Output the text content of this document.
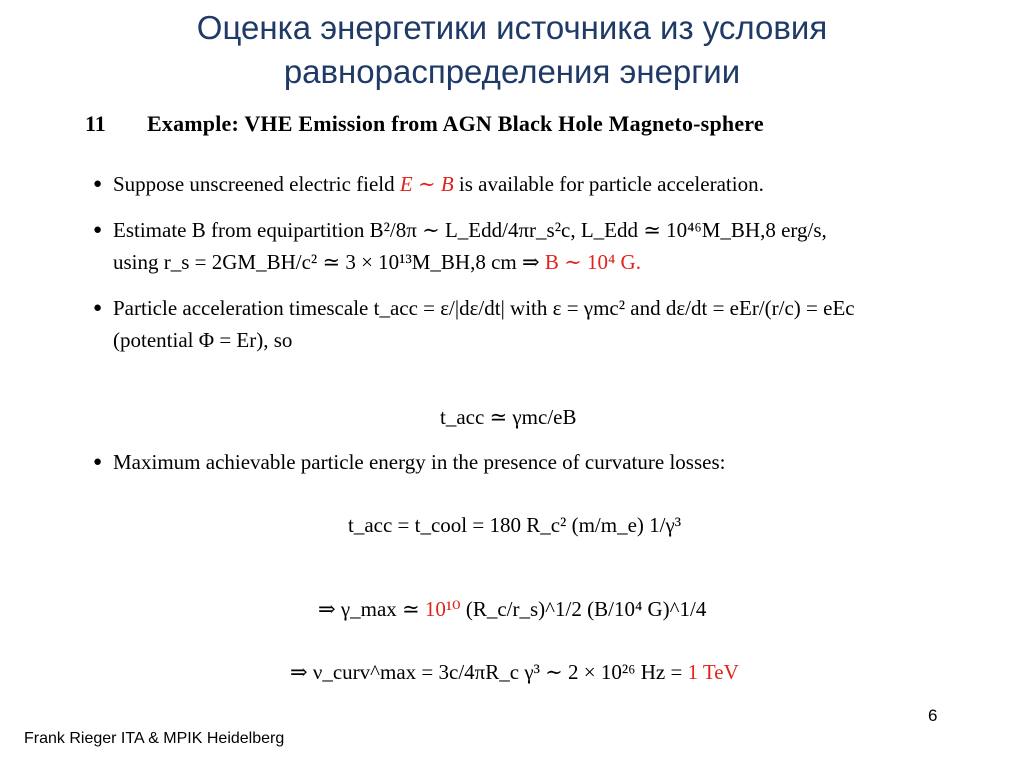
Оценка энергетики источника из условия
равнораспределения энергии
11	Example: VHE Emission from AGN Black Hole Magneto-sphere
● Suppose unscreened electric field E ∼ B is available for particle acceleration.
● Estimate B from equipartition B²/8π ∼ L_Edd/4πr_s²c, L_Edd ≃ 10⁴⁶M_BH,8 erg/s, using r_s = 2GM_BH/c² ≃ 3 × 10¹³M_BH,8 cm ⇒ B ∼ 10⁴ G.
● Particle acceleration timescale t_acc = ε/|dε/dt| with ε = γmc² and dε/dt = eEr/(r/c) = eEc (potential Φ = Er), so
● Maximum achievable particle energy in the presence of curvature losses:
t_acc ≃ γmc/eB
t_acc = t_cool = 180 R_c² (m/m_e) 1/γ³
⇒ γ_max ≃ 10¹⁰ (R_c/r_s)^1/2 (B/10⁴ G)^1/4
⇒ ν_curv^max = 3c/4πR_c γ³ ∼ 2 × 10²⁶ Hz = 1 TeV
6
Frank Rieger ITA & MPIK Heidelberg
